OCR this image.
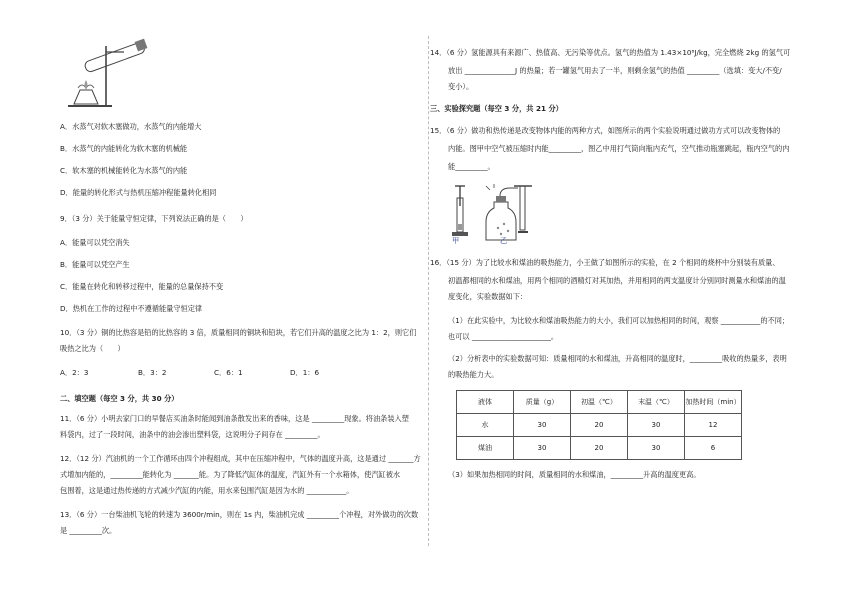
A．水蒸气对软木塞做功，水蒸气的内能增大
B．水蒸气的内能转化为软木塞的机械能
C．软木塞的机械能转化为水蒸气的内能
D．能量的转化形式与热机压缩冲程能量转化相同
9．（3 分）关于能量守恒定律，下列说法正确的是（　　）
A．能量可以凭空消失
B．能量可以凭空产生
C．能量在转化和转移过程中，能量的总量保持不变
D．热机在工作的过程中不遵循能量守恒定律
10．（3 分）铜的比热容是铅的比热容的 3 倍，质量相同的铜块和铅块，若它们升高的温度之比为 1：2，则它们
吸热之比为（　　）
A．2：3	B．3：2	C．6：1	D．1：6
二、填空题（每空 3 分，共 30 分）
11．（6 分）小明去家门口的早餐店买油条时能闻到油条散发出来的香味，这是 _________现象。将油条装入塑
料袋内，过了一段时间，油条中的油会渗出塑料袋，这说明分子间存在 _________。
12．（12 分）汽油机的一个工作循环由四个冲程组成，其中在压缩冲程中，气体的温度升高，这是通过 _______方
式增加内能的，_________能转化为 _______能。为了降低汽缸体的温度，汽缸外有一个水箱体，使汽缸被水
包围着，这是通过热传递的方式减少汽缸的内能，用水来包围汽缸是因为水的 ___________。
13．（6 分）一台柴油机飞轮的转速为 3600r/min，则在 1s 内，柴油机完成 _________个冲程，对外做功的次数
是 _________次。
14．（6 分）氢能源具有来源广、热值高、无污染等优点。氢气的热值为 1.43×10⁸J/kg，完全燃烧 2kg 的氢气可
放出 ______________J 的热量；若一罐氢气用去了一半，则剩余氢气的热值 _________（选填：变大/不变/
变小）。
三、实验探究题（每空 3 分，共 21 分）
15．（6 分）做功和热传递是改变物体内能的两种方式，如图所示的两个实验说明通过做功方式可以改变物体的
内能。图甲中空气被压缩时内能_________，图乙中用打气筒向瓶内充气，空气推动瓶塞跳起，瓶内空气的内
能_________。
甲	乙
16．（15 分）为了比较水和煤油的吸热能力，小王做了如图所示的实验，在 2 个相同的烧杯中分别装有质量、
初温都相同的水和煤油，用两个相同的酒精灯对其加热，并用相同的两支温度计分别同时测量水和煤油的温
度变化，实验数据如下：
（1）在此实验中，为比较水和煤油吸热能力的大小，我们可以加热相同的时间，观察 ___________的不同；
也可以 ______________________。
（2）分析表中的实验数据可知：质量相同的水和煤油，升高相同的温度时，_________吸收的热量多，表明
的吸热能力大。
液体	质量（g）	初温（℃）	末温（℃）	加热时间（min）
水	30	20	30	12
煤油	30	20	30	6
（3）如果加热相同的时间，质量相同的水和煤油，_________升高的温度更高。
